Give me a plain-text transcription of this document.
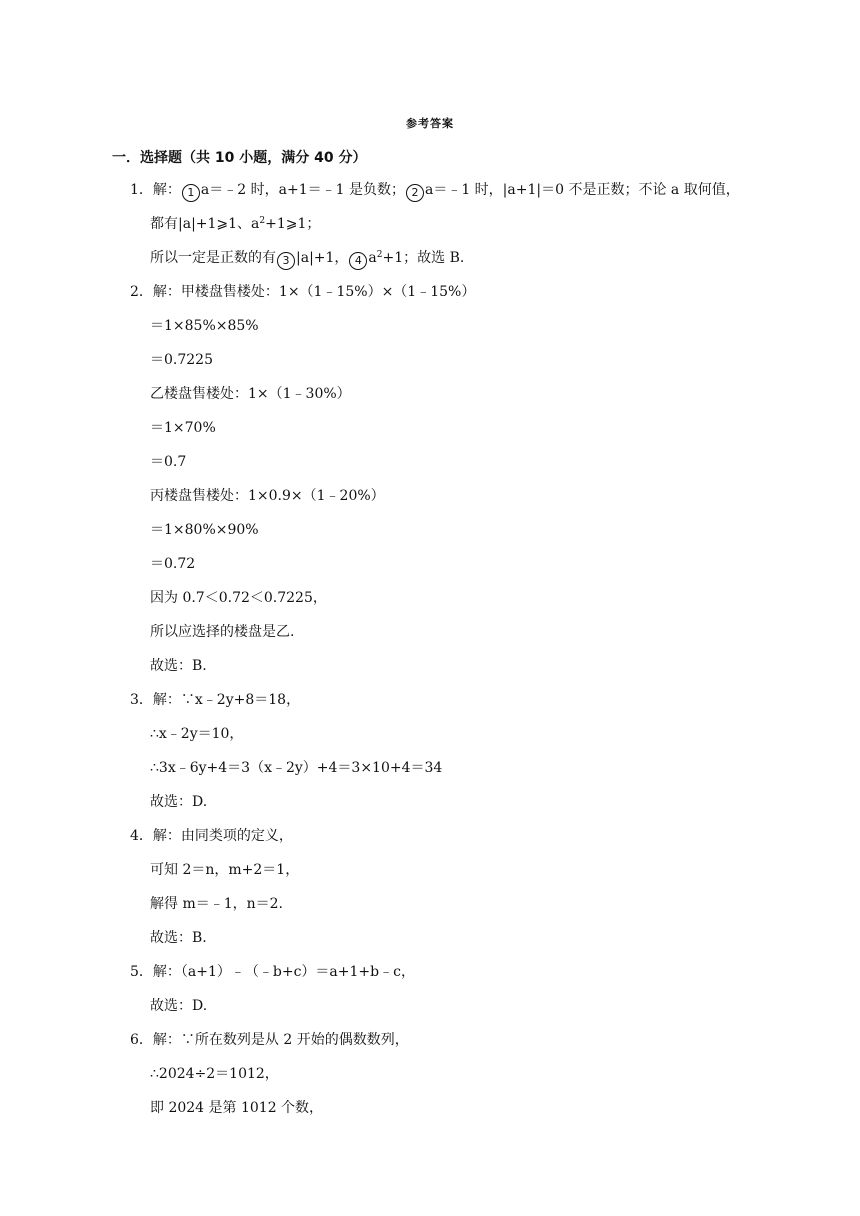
参考答案
一．选择题（共 10 小题，满分 40 分）
1．解： 1 a＝﹣2 时，a+1＝﹣1 是负数； 2 a＝﹣1 时，|a+1|＝0 不是正数；不论 a 取何值，
都有|a|+1⩾1、$a^2+1⩾1$；
所以一定是正数的有 3 |a|+1， 4 $a^2+1$；故选 B.
2．解：甲楼盘售楼处：1×（1﹣15%）×（1﹣15%）
＝1×85%×85%
＝0.7225
乙楼盘售楼处：1×（1﹣30%）
＝1×70%
＝0.7
丙楼盘售楼处：1×0.9×（1﹣20%）
＝1×80%×90%
＝0.72
因为 0.7＜0.72＜0.7225，
所以应选择的楼盘是乙.
故选：B.
3．解：∵x﹣2y+8＝18，
∴x﹣2y＝10，
∴3x﹣6y+4＝3（x﹣2y）+4＝3×10+4＝34
故选：D.
4．解：由同类项的定义，
可知 2＝n，m+2＝1，
解得 m＝﹣1，n＝2.
故选：B.
5．解：（a+1）﹣（﹣b+c）＝a+1+b﹣c，
故选：D.
6．解：∵所在数列是从 2 开始的偶数数列，
∴2024÷2＝1012，
即 2024 是第 1012 个数，
